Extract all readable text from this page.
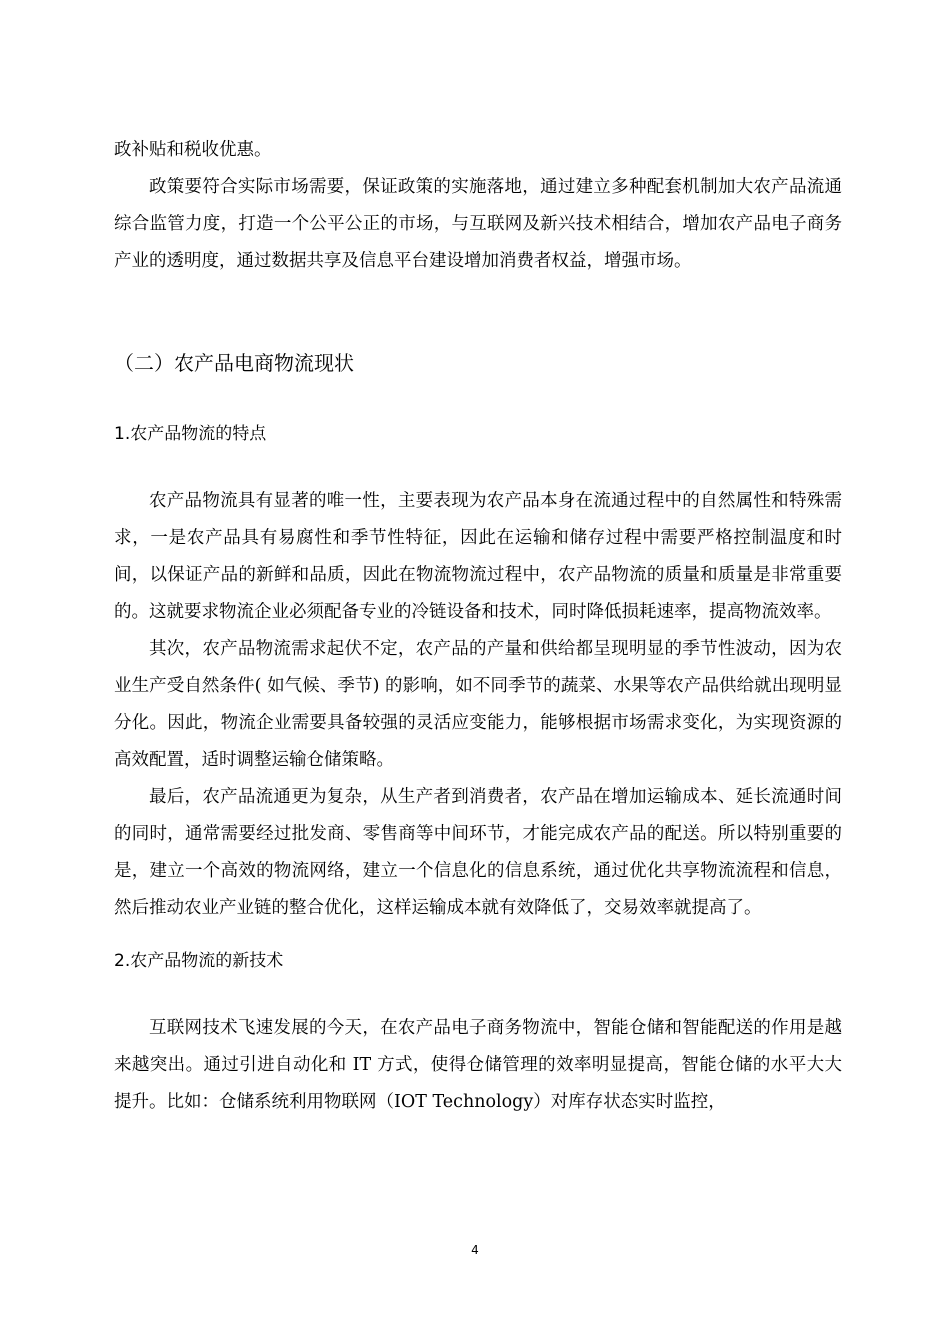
政补贴和税收优惠。

政策要符合实际市场需要，保证政策的实施落地，通过建立多种配套机制加大农产品流通综合监管力度，打造一个公平公正的市场，与互联网及新兴技术相结合，增加农产品电子商务产业的透明度，通过数据共享及信息平台建设增加消费者权益，增强市场。

（二）农产品电商物流现状
1.农产品物流的特点

农产品物流具有显著的唯一性，主要表现为农产品本身在流通过程中的自然属性和特殊需求，一是农产品具有易腐性和季节性特征，因此在运输和储存过程中需要严格控制温度和时间，以保证产品的新鲜和品质，因此在物流物流过程中，农产品物流的质量和质量是非常重要的。这就要求物流企业必须配备专业的冷链设备和技术，同时降低损耗速率，提高物流效率。

其次，农产品物流需求起伏不定，农产品的产量和供给都呈现明显的季节性波动，因为农业生产受自然条件( 如气候、季节) 的影响，如不同季节的蔬菜、水果等农产品供给就出现明显分化。因此，物流企业需要具备较强的灵活应变能力，能够根据市场需求变化，为实现资源的高效配置，适时调整运输仓储策略。

最后，农产品流通更为复杂，从生产者到消费者，农产品在增加运输成本、延长流通时间的同时，通常需要经过批发商、零售商等中间环节，才能完成农产品的配送。所以特别重要的是，建立一个高效的物流网络，建立一个信息化的信息系统，通过优化共享物流流程和信息，然后推动农业产业链的整合优化，这样运输成本就有效降低了，交易效率就提高了。

2.农产品物流的新技术

互联网技术飞速发展的今天，在农产品电子商务物流中，智能仓储和智能配送的作用是越来越突出。通过引进自动化和 IT 方式，使得仓储管理的效率明显提高，智能仓储的水平大大提升。比如：仓储系统利用物联网（IOT Technology）对库存状态实时监控，

4
